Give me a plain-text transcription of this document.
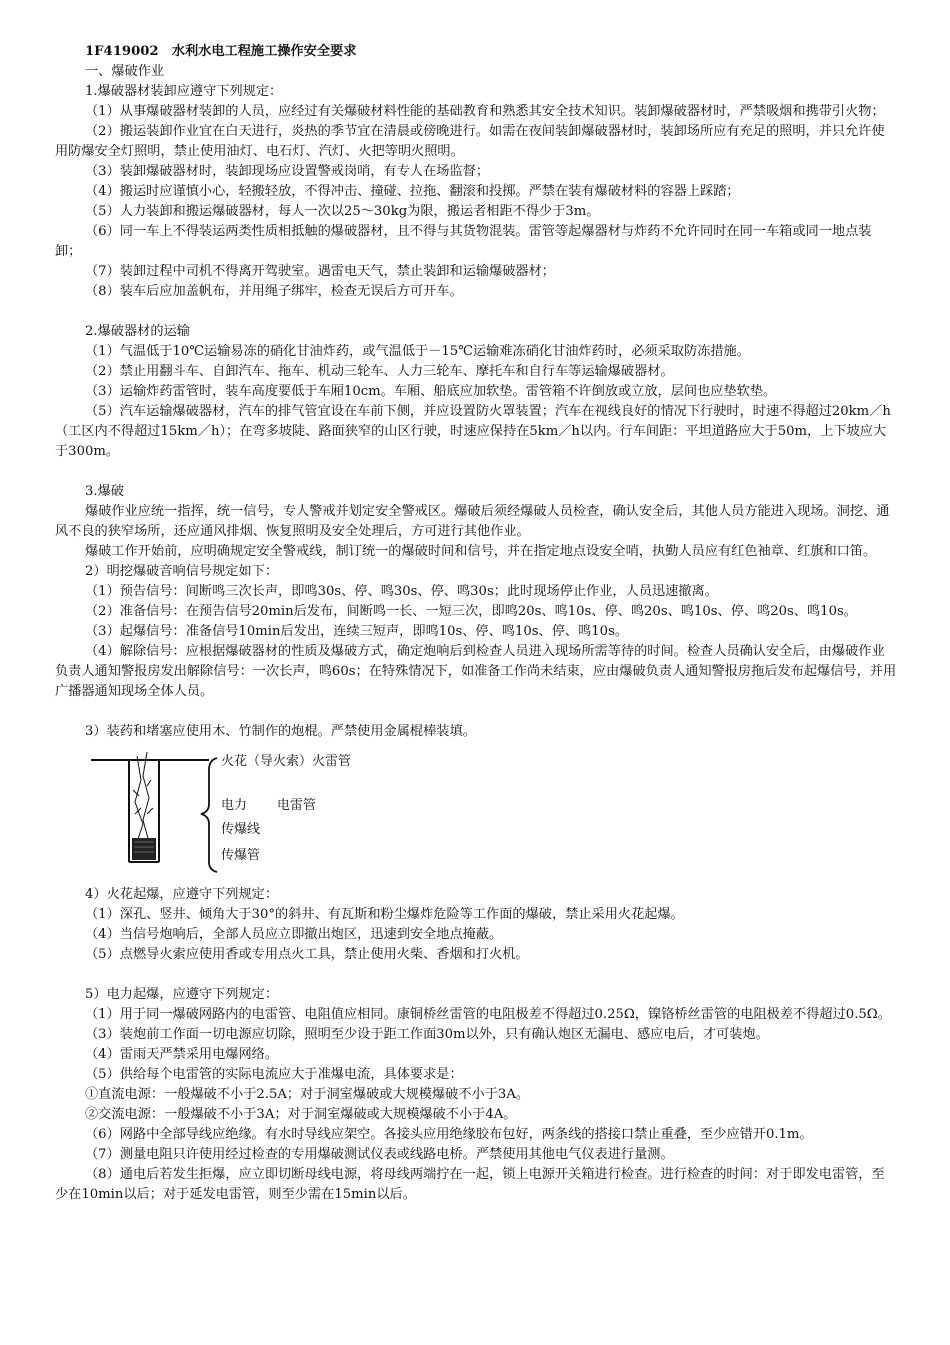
1F419002　水利水电工程施工操作安全要求

一、爆破作业

1.爆破器材装卸应遵守下列规定：

（1）从事爆破器材装卸的人员，应经过有关爆破材料性能的基础教育和熟悉其安全技术知识。装卸爆破器材时，严禁吸烟和携带引火物；

（2）搬运装卸作业宜在白天进行，炎热的季节宜在清晨或傍晚进行。如需在夜间装卸爆破器材时，装卸场所应有充足的照明，并只允许使用防爆安全灯照明，禁止使用油灯、电石灯、汽灯、火把等明火照明。

（3）装卸爆破器材时，装卸现场应设置警戒岗哨，有专人在场监督；

（4）搬运时应谨慎小心，轻搬轻放，不得冲击、撞碰、拉拖、翻滚和投掷。严禁在装有爆破材料的容器上踩踏；

（5）人力装卸和搬运爆破器材，每人一次以25～30kg为限，搬运者相距不得少于3m。

（6）同一车上不得装运两类性质相抵触的爆破器材，且不得与其货物混装。雷管等起爆器材与炸药不允许同时在同一车箱或同一地点装卸；

（7）装卸过程中司机不得离开驾驶室。遇雷电天气，禁止装卸和运输爆破器材；

（8）装车后应加盖帆布，并用绳子绑牢，检查无误后方可开车。

2.爆破器材的运输

（1）气温低于10℃运输易冻的硝化甘油炸药，或气温低于－15℃运输难冻硝化甘油炸药时，必须采取防冻措施。

（2）禁止用翻斗车、自卸汽车、拖车、机动三轮车、人力三轮车、摩托车和自行车等运输爆破器材。

（3）运输炸药雷管时，装车高度要低于车厢10cm。车厢、船底应加软垫。雷管箱不许倒放或立放，层间也应垫软垫。

（5）汽车运输爆破器材，汽车的排气管宜设在车前下侧，并应设置防火罩装置；汽车在视线良好的情况下行驶时，时速不得超过20km／h（工区内不得超过15km／h）；在弯多坡陡、路面狭窄的山区行驶，时速应保持在5km／h以内。行车间距：平坦道路应大于50m，上下坡应大于300m。

3.爆破

爆破作业应统一指挥，统一信号，专人警戒并划定安全警戒区。爆破后须经爆破人员检查，确认安全后，其他人员方能进入现场。洞挖、通风不良的狭窄场所，还应通风排烟、恢复照明及安全处理后，方可进行其他作业。

爆破工作开始前，应明确规定安全警戒线，制订统一的爆破时间和信号，并在指定地点设安全哨，执勤人员应有红色袖章、红旗和口笛。

2）明挖爆破音响信号规定如下：

（1）预告信号：间断鸣三次长声，即鸣30s、停、鸣30s、停、鸣30s；此时现场停止作业，人员迅速撤离。

（2）准备信号：在预告信号20min后发布，间断鸣一长、一短三次，即鸣20s、鸣10s、停、鸣20s、鸣10s、停、鸣20s、鸣10s。

（3）起爆信号：准备信号10min后发出，连续三短声，即鸣10s、停、鸣10s、停、鸣10s。

（4）解除信号：应根据爆破器材的性质及爆破方式，确定炮响后到检查人员进入现场所需等待的时间。检查人员确认安全后，由爆破作业负责人通知警报房发出解除信号：一次长声，鸣60s；在特殊情况下，如准备工作尚未结束，应由爆破负责人通知警报房拖后发布起爆信号，并用广播器通知现场全体人员。

3）装药和堵塞应使用木、竹制作的炮棍。严禁使用金属棍棒装填。

火花（导火索）火雷管
电力 电雷管
传爆线
传爆管

4）火花起爆，应遵守下列规定：

（1）深孔、竖井、倾角大于30°的斜井、有瓦斯和粉尘爆炸危险等工作面的爆破，禁止采用火花起爆。

（4）当信号炮响后，全部人员应立即撤出炮区，迅速到安全地点掩蔽。

（5）点燃导火索应使用香或专用点火工具，禁止使用火柴、香烟和打火机。

5）电力起爆，应遵守下列规定：

（1）用于同一爆破网路内的电雷管、电阻值应相同。康铜桥丝雷管的电阻极差不得超过0.25Ω，镍铬桥丝雷管的电阻极差不得超过0.5Ω。

（3）装炮前工作面一切电源应切除，照明至少设于距工作面30m以外，只有确认炮区无漏电、感应电后，才可装炮。

（4）雷雨天严禁采用电爆网络。

（5）供给每个电雷管的实际电流应大于准爆电流，具体要求是：

①直流电源：一般爆破不小于2.5A；对于洞室爆破或大规模爆破不小于3A。

②交流电源：一般爆破不小于3A；对于洞室爆破或大规模爆破不小于4A。

（6）网路中全部导线应绝缘。有水时导线应架空。各接头应用绝缘胶布包好，两条线的搭接口禁止重叠，至少应错开0.1m。

（7）测量电阻只许使用经过检查的专用爆破测试仪表或线路电桥。严禁使用其他电气仪表进行量测。

（8）通电后若发生拒爆，应立即切断母线电源，将母线两端拧在一起，锁上电源开关箱进行检查。进行检查的时间：对于即发电雷管，至少在10min以后；对于延发电雷管，则至少需在15min以后。
